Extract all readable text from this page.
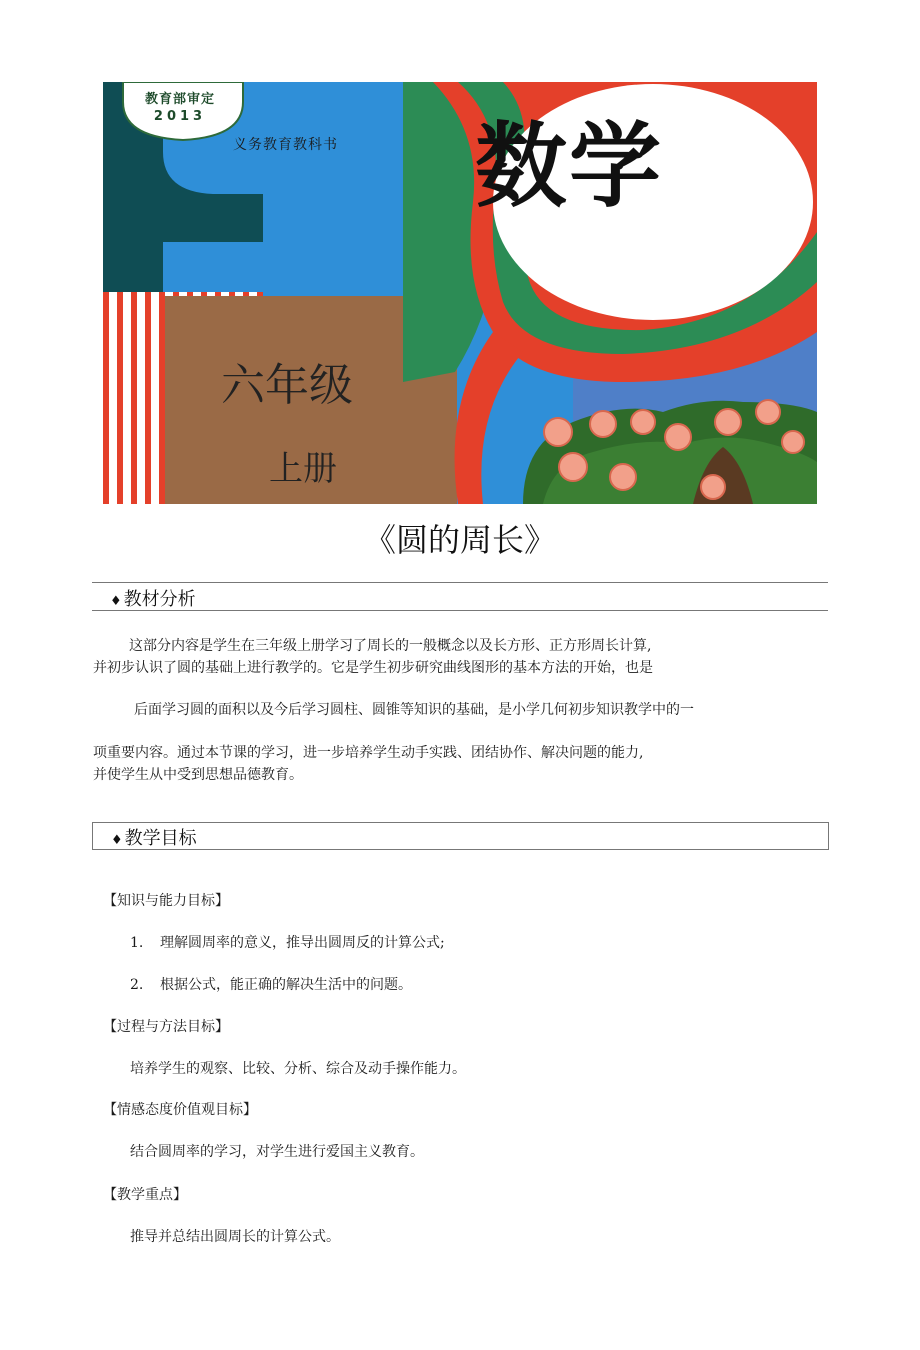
教育部审定
2013
义务教育教科书 数学
六年级
上册
《圆的周长》
♦ 教材分析
这部分内容是学生在三年级上册学习了周长的一般概念以及长方形、正方形周长计算,
并初步认识了圆的基础上进行教学的。它是学生初步研究曲线图形的基本方法的开始，也是
后面学习圆的面积以及今后学习圆柱、圆锥等知识的基础，是小学几何初步知识教学中的一
项重要内容。通过本节课的学习，进一步培养学生动手实践、团结协作、解决问题的能力,
并使学生从中受到思想品德教育。
♦ 教学目标
【知识与能力目标】
1. 理解圆周率的意义，推导出圆周反的计算公式;
2. 根据公式，能正确的解决生活中的问题。
【过程与方法目标】
培养学生的观察、比较、分析、综合及动手操作能力。
【情感态度价值观目标】
结合圆周率的学习，对学生进行爱国主义教育。
【教学重点】
推导并总结出圆周长的计算公式。
